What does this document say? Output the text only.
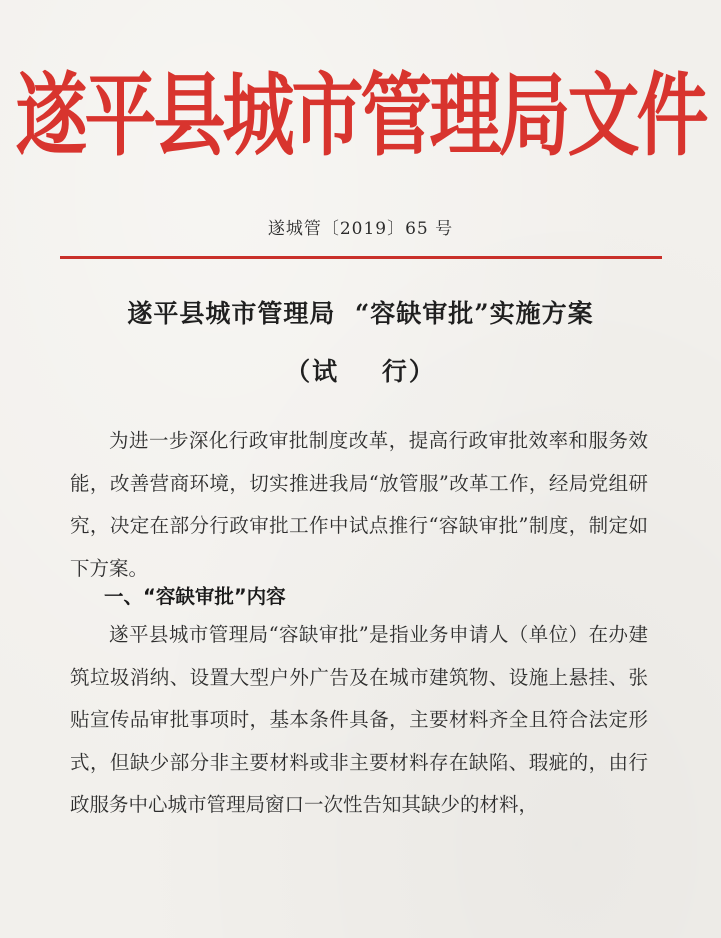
遂平县城市管理局文件
遂城管〔2019〕65 号
遂平县城市管理局  “容缺审批”实施方案
（试    行）

为进一步深化行政审批制度改革，提高行政审批效率和服务效能，改善营商环境，切实推进我局“放管服”改革工作，经局党组研究，决定在部分行政审批工作中试点推行“容缺审批”制度，制定如下方案。

一、“容缺审批”内容

遂平县城市管理局“容缺审批”是指业务申请人（单位）在办建筑垃圾消纳、设置大型户外广告及在城市建筑物、设施上悬挂、张贴宣传品审批事项时，基本条件具备，主要材料齐全且符合法定形式，但缺少部分非主要材料或非主要材料存在缺陷、瑕疵的，由行政服务中心城市管理局窗口一次性告知其缺少的材料，
